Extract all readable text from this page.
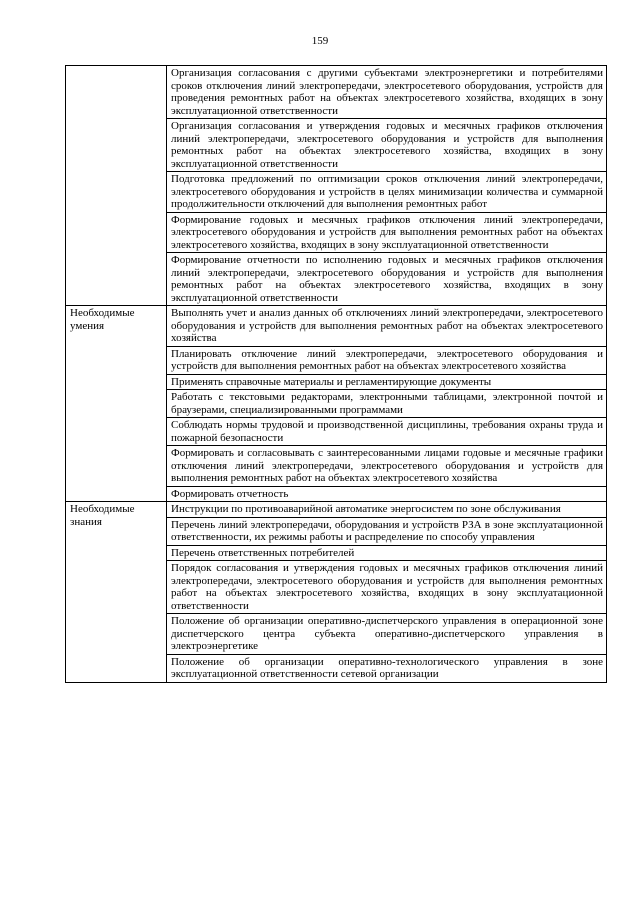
159
	Организация согласования с другими субъектами электроэнергетики и потребителями сроков отключения линий электропередачи, электросетевого оборудования, устройств для проведения ремонтных работ на объектах электросетевого хозяйства, входящих в зону эксплуатационной ответственности
	Организация согласования и утверждения годовых и месячных графиков отключения линий электропередачи, электросетевого оборудования и устройств для выполнения ремонтных работ на объектах электросетевого хозяйства, входящих в зону эксплуатационной ответственности
	Подготовка предложений по оптимизации сроков отключения линий электропередачи, электросетевого оборудования и устройств в целях минимизации количества и суммарной продолжительности отключений для выполнения ремонтных работ
	Формирование годовых и месячных графиков отключения линий электропередачи, электросетевого оборудования и устройств для выполнения ремонтных работ на объектах электросетевого хозяйства, входящих в зону эксплуатационной ответственности
	Формирование отчетности по исполнению годовых и месячных графиков отключения линий электропередачи, электросетевого оборудования и устройств для выполнения ремонтных работ на объектах электросетевого хозяйства, входящих в зону эксплуатационной ответственности
Необходимые умения	Выполнять учет и анализ данных об отключениях линий электропередачи, электросетевого оборудования и устройств для выполнения ремонтных работ на объектах электросетевого хозяйства
	Планировать отключение линий электропередачи, электросетевого оборудования и устройств для выполнения ремонтных работ на объектах электросетевого хозяйства
	Применять справочные материалы и регламентирующие документы
	Работать с текстовыми редакторами, электронными таблицами, электронной почтой и браузерами, специализированными программами
	Соблюдать нормы трудовой и производственной дисциплины, требования охраны труда и пожарной безопасности
	Формировать и согласовывать с заинтересованными лицами годовые и месячные графики отключения линий электропередачи, электросетевого оборудования и устройств для выполнения ремонтных работ на объектах электросетевого хозяйства
	Формировать отчетность
Необходимые знания	Инструкции по противоаварийной автоматике энергосистем по зоне обслуживания
	Перечень линий электропередачи, оборудования и устройств РЗА в зоне эксплуатационной ответственности, их режимы работы и распределение по способу управления
	Перечень ответственных потребителей
	Порядок согласования и утверждения годовых и месячных графиков отключения линий электропередачи, электросетевого оборудования и устройств для выполнения ремонтных работ на объектах электросетевого хозяйства, входящих в зону эксплуатационной ответственности
	Положение об организации оперативно-диспетчерского управления в операционной зоне диспетчерского центра субъекта оперативно-диспетчерского управления в электроэнергетике
	Положение об организации оперативно-технологического управления в зоне эксплуатационной ответственности сетевой организации
